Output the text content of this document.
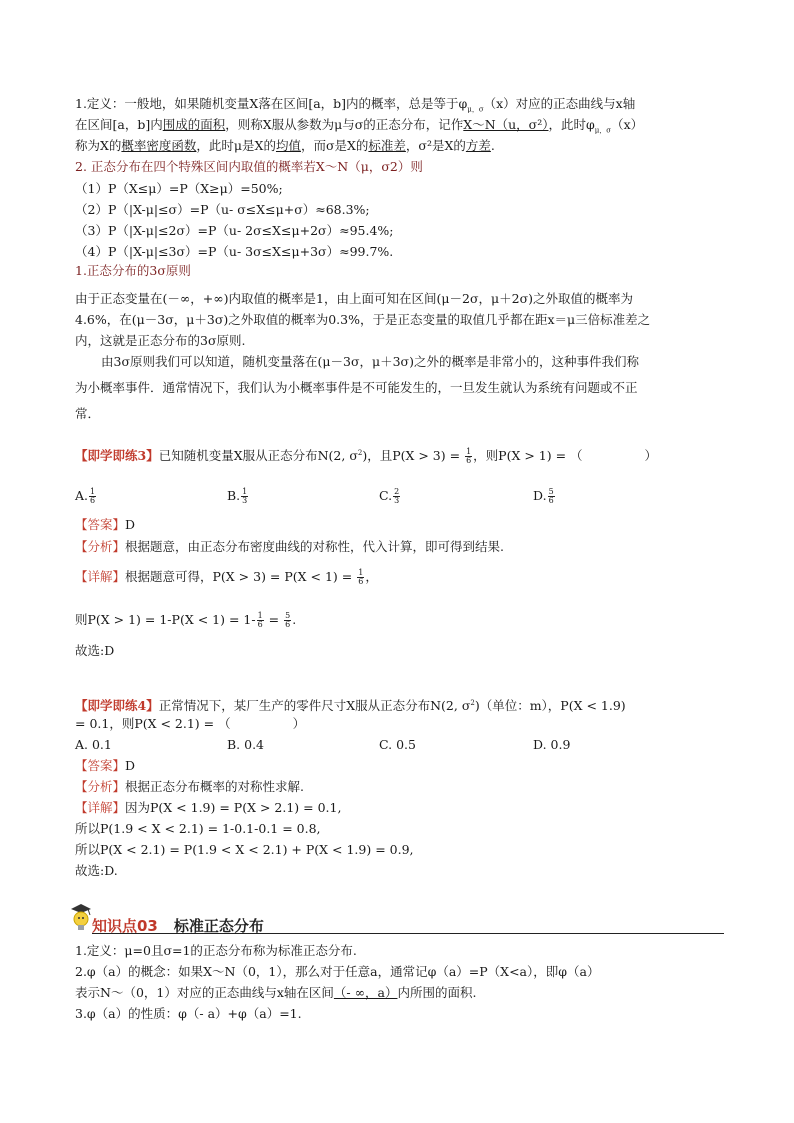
1.定义：一般地，如果随机变量X落在区间[a，b]内的概率，总是等于$\varphi_{\mu,\sigma}(x)$对应的正态曲线与x轴
在区间[a，b]内围成的面积，则称X服从参数为μ与σ的正态分布，记作X～N（u，σ²），此时$\varphi_{\mu,\sigma}(x)$
称为X的概率密度函数，此时μ是X的均值，而σ是X的标准差，σ²是X的方差.
2. 正态分布在四个特殊区间内取值的概率若X～N（μ，σ2）则
（1）P（X≤μ）=P（X≥μ）=50%;
（2）P（|X-μ|≤σ）=P（u- σ≤X≤μ+σ）≈68.3%;
（3）P（|X-μ|≤2σ）=P（u- 2σ≤X≤μ+2σ）≈95.4%;
（4）P（|X-μ|≤3σ）=P（u- 3σ≤X≤μ+3σ）≈99.7%.
1.正态分布的3σ原则
由于正态变量在(－∞，+∞)内取值的概率是1，由上面可知在区间(μ－2σ，μ＋2σ)之外取值的概率为
4.6%，在(μ－3σ，μ＋3σ)之外取值的概率为0.3%，于是正态变量的取值几乎都在距x＝μ三倍标准差之
内，这就是正态分布的3σ原则.
由3σ原则我们可以知道，随机变量落在(μ－3σ，μ＋3σ)之外的概率是非常小的，这种事件我们称
为小概率事件．通常情况下，我们认为小概率事件是不可能发生的，一旦发生就认为系统有问题或不正
常．
【即学即练3】已知随机变量X服从正态分布N(2, $\sigma^2$)，且$P(X > 3) = \frac{1}{6}$ ，则P(X > 1) = （	）
A. $\frac{1}{6}$	B. $\frac{1}{3}$	C. $\frac{2}{3}$	D. $\frac{5}{6}$
【答案】D
【分析】根据题意，由正态分布密度曲线的对称性，代入计算，即可得到结果.
【详解】根据题意可得，$P(X > 3) = P(X < 1) = \frac{1}{6}$ ，
则$P(X > 1) = 1-P(X < 1) = 1- \frac{1}{6} = \frac{5}{6}$ .
故选:D
【即学即练4】正常情况下，某厂生产的零件尺寸X服从正态分布N(2, $\sigma^2$)（单位：m），P(X < 1.9)
= 0.1，则P(X < 2.1) = （	）
A. 0.1	B. 0.4	C. 0.5	D. 0.9
【答案】D
【分析】根据正态分布概率的对称性求解.
【详解】因为P(X < 1.9) = P(X > 2.1) = 0.1,
所以P(1.9 < X < 2.1) = 1-0.1-0.1 = 0.8,
所以P(X < 2.1) = P(1.9 < X < 2.1) + P(X < 1.9) = 0.9,
故选:D.
知识点03 标准正态分布
1.定义：μ=0且σ=1的正态分布称为标准正态分布.
2.φ（a）的概念：如果X～N（0，1），那么对于任意a，通常记φ（a）=P（X<a），即φ（a）
表示N～（0，1）对应的正态曲线与x轴在区间（- ∞，a）内所围的面积.
3.φ（a）的性质：φ（- a）+φ（a）=1.
